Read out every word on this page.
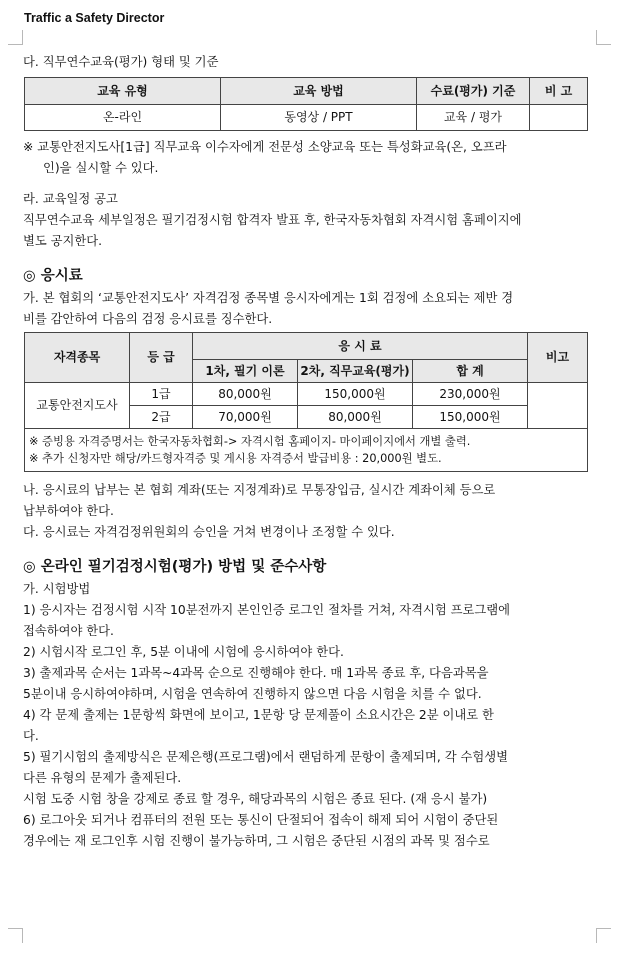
Traffic a Safety Director
다. 직무연수교육(평가) 형태 및 기준
교육 유형	교육 방법	수료(평가) 기준	비 고
온-라인	동영상 / PPT	교육 / 평가	
※ 교통안전지도사[1급] 직무교육 이수자에게 전문성 소양교육 또는 특성화교육(온, 오프라
인)을 실시할 수 있다.
라. 교육일정 공고
직무연수교육 세부일정은 필기검정시험 합격자 발표 후, 한국자동차협회 자격시험 홈페이지에
별도 공지한다.
◎ 응시료
가. 본 협회의 ‘교통안전지도사’ 자격검정 종목별 응시자에게는 1회 검정에 소요되는 제반 경
비를 감안하여 다음의 검정 응시료를 징수한다.
자격종목	등 급	응 시 료			비고
		1차, 필기 이론	2차, 직무교육(평가)	합 계	
교통안전지도사	1급	80,000원	150,000원	230,000원	
	2급	70,000원	80,000원	150,000원	

※ 증빙용 자격증명서는 한국자동차협회-> 자격시험 홈페이지- 마이페이지에서 개별 출력.
※ 추가 신청자만 해당/카드형자격증 및 게시용 자격증서 발급비용 : 20,000원 별도.					
나. 응시료의 납부는 본 협회 계좌(또는 지정계좌)로 무통장입금, 실시간 계좌이체 등으로
납부하여야 한다.
다. 응시료는 자격검정위원회의 승인을 거쳐 변경이나 조정할 수 있다.
◎ 온라인 필기검정시험(평가) 방법 및 준수사항
가. 시험방법
1) 응시자는 검정시험 시작 10분전까지 본인인증 로그인 절차를 거쳐, 자격시험 프로그램에
접속하여야 한다.
2) 시험시작 로그인 후, 5분 이내에 시험에 응시하여야 한다.
3) 출제과목 순서는 1과목~4과목 순으로 진행해야 한다. 매 1과목 종료 후, 다음과목을
5분이내 응시하여야하며, 시험을 연속하여 진행하지 않으면 다음 시험을 치를 수 없다.
4) 각 문제 출제는 1문항씩 화면에 보이고, 1문항 당 문제풀이 소요시간은 2분 이내로 한
다.
5) 필기시험의 출제방식은 문제은행(프로그램)에서 랜덤하게 문항이 출제되며, 각 수험생별
다른 유형의 문제가 출제된다.
시험 도중 시험 창을 강제로 종료 할 경우, 해당과목의 시험은 종료 된다. (재 응시 불가)
6) 로그아웃 되거나 컴퓨터의 전원 또는 통신이 단절되어 접속이 해제 되어 시험이 중단된
경우에는 재 로그인후 시험 진행이 불가능하며, 그 시험은 중단된 시점의 과목 및 점수로
